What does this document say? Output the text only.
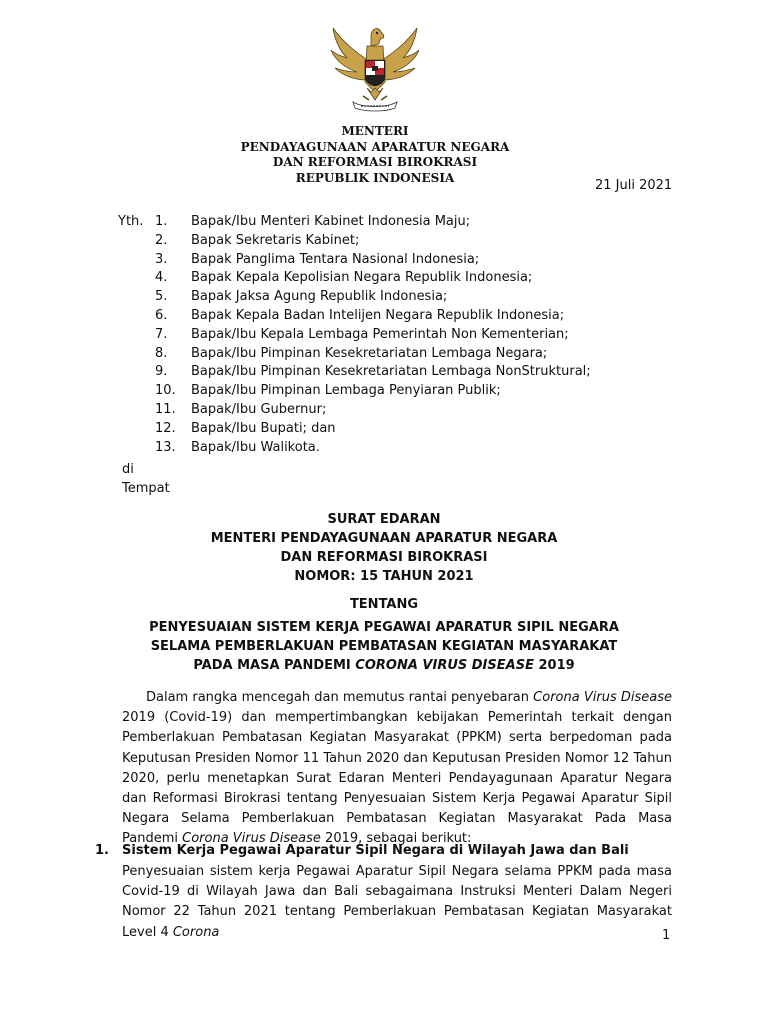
MENTERI
PENDAYAGUNAAN APARATUR NEGARA
DAN REFORMASI BIROKRASI
REPUBLIK INDONESIA
21 Juli 2021
Yth. 1. Bapak/Ibu Menteri Kabinet Indonesia Maju;
2. Bapak Sekretaris Kabinet;
3. Bapak Panglima Tentara Nasional Indonesia;
4. Bapak Kepala Kepolisian Negara Republik Indonesia;
5. Bapak Jaksa Agung Republik Indonesia;
6. Bapak Kepala Badan Intelijen Negara Republik Indonesia;
7. Bapak/Ibu Kepala Lembaga Pemerintah Non Kementerian;
8. Bapak/Ibu Pimpinan Kesekretariatan Lembaga Negara;
9. Bapak/Ibu Pimpinan Kesekretariatan Lembaga NonStruktural;
10. Bapak/Ibu Pimpinan Lembaga Penyiaran Publik;
11. Bapak/Ibu Gubernur;
12. Bapak/Ibu Bupati; dan
13. Bapak/Ibu Walikota.
di
Tempat
SURAT EDARAN
MENTERI PENDAYAGUNAAN APARATUR NEGARA
DAN REFORMASI BIROKRASI
NOMOR: 15 TAHUN 2021
TENTANG
PENYESUAIAN SISTEM KERJA PEGAWAI APARATUR SIPIL NEGARA
SELAMA PEMBERLAKUAN PEMBATASAN KEGIATAN MASYARAKAT
PADA MASA PANDEMI CORONA VIRUS DISEASE 2019
Dalam rangka mencegah dan memutus rantai penyebaran Corona Virus Disease 2019 (Covid-19) dan mempertimbangkan kebijakan Pemerintah terkait dengan Pemberlakuan Pembatasan Kegiatan Masyarakat (PPKM) serta berpedoman pada Keputusan Presiden Nomor 11 Tahun 2020 dan Keputusan Presiden Nomor 12 Tahun 2020, perlu menetapkan Surat Edaran Menteri Pendayagunaan Aparatur Negara dan Reformasi Birokrasi tentang Penyesuaian Sistem Kerja Pegawai Aparatur Sipil Negara Selama Pemberlakuan Pembatasan Kegiatan Masyarakat Pada Masa Pandemi Corona Virus Disease 2019, sebagai berikut:
1. Sistem Kerja Pegawai Aparatur Sipil Negara di Wilayah Jawa dan Bali
Penyesuaian sistem kerja Pegawai Aparatur Sipil Negara selama PPKM pada masa Covid-19 di Wilayah Jawa dan Bali sebagaimana Instruksi Menteri Dalam Negeri Nomor 22 Tahun 2021 tentang Pemberlakuan Pembatasan Kegiatan Masyarakat Level 4 Corona	1
